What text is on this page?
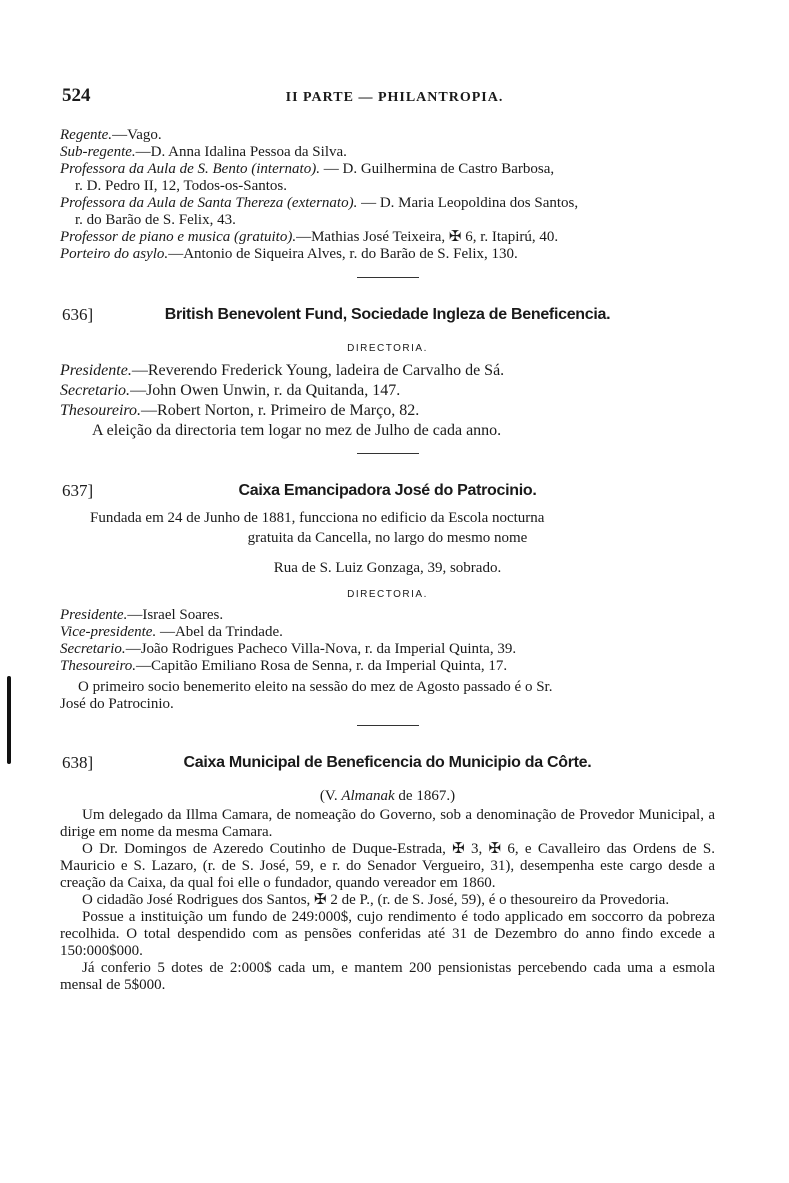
524	II PARTE — PHILANTROPIA.

Regente.—Vago.

Sub-regente.—D. Anna Idalina Pessoa da Silva.

Professora da Aula de S. Bento (internato). — D. Guilhermina de Castro Barbosa,

r. D. Pedro II, 12, Todos-os-Santos.

Professora da Aula de Santa Thereza (externato). — D. Maria Leopoldina dos Santos,

r. do Barão de S. Felix, 43.

Professor de piano e musica (gratuito).—Mathias José Teixeira, ✠ 6, r. Itapirú, 40.

Porteiro do asylo.—Antonio de Siqueira Alves, r. do Barão de S. Felix, 130.

636]	British Benevolent Fund, Sociedade Ingleza de Beneficencia.
DIRECTORIA.

Presidente.—Reverendo Frederick Young, ladeira de Carvalho de Sá.

Secretario.—John Owen Unwin, r. da Quitanda, 147.

Thesoureiro.—Robert Norton, r. Primeiro de Março, 82.

A eleição da directoria tem logar no mez de Julho de cada anno.

637]	Caixa Emancipadora José do Patrocinio.

Fundada em 24 de Junho de 1881, funcciona no edificio da Escola nocturna

gratuita da Cancella, no largo do mesmo nome

Rua de S. Luiz Gonzaga, 39, sobrado.

DIRECTORIA.

Presidente.—Israel Soares.

Vice-presidente. —Abel da Trindade.

Secretario.—João Rodrigues Pacheco Villa-Nova, r. da Imperial Quinta, 39.

Thesoureiro.—Capitão Emiliano Rosa de Senna, r. da Imperial Quinta, 17.

O primeiro socio benemerito eleito na sessão do mez de Agosto passado é o Sr.

José do Patrocinio.

638]	Caixa Municipal de Beneficencia do Municipio da Côrte.

(V. Almanak de 1867.)

Um delegado da Illma Camara, de nomeação do Governo, sob a denominação de Provedor Municipal, a dirige em nome da mesma Camara.

O Dr. Domingos de Azeredo Coutinho de Duque-Estrada, ✠ 3, ✠ 6, e Cavalleiro das Ordens de S. Mauricio e S. Lazaro, (r. de S. José, 59, e r. do Senador Vergueiro, 31), desempenha este cargo desde a creação da Caixa, da qual foi elle o fundador, quando vereador em 1860.

O cidadão José Rodrigues dos Santos, ✠ 2 de P., (r. de S. José, 59), é o thesoureiro da Provedoria.

Possue a instituição um fundo de 249:000$, cujo rendimento é todo applicado em soccorro da pobreza recolhida. O total despendido com as pensões conferidas até 31 de Dezembro do anno findo excede a 150:000$000.

Já conferio 5 dotes de 2:000$ cada um, e mantem 200 pensionistas percebendo cada uma a esmola mensal de 5$000.
